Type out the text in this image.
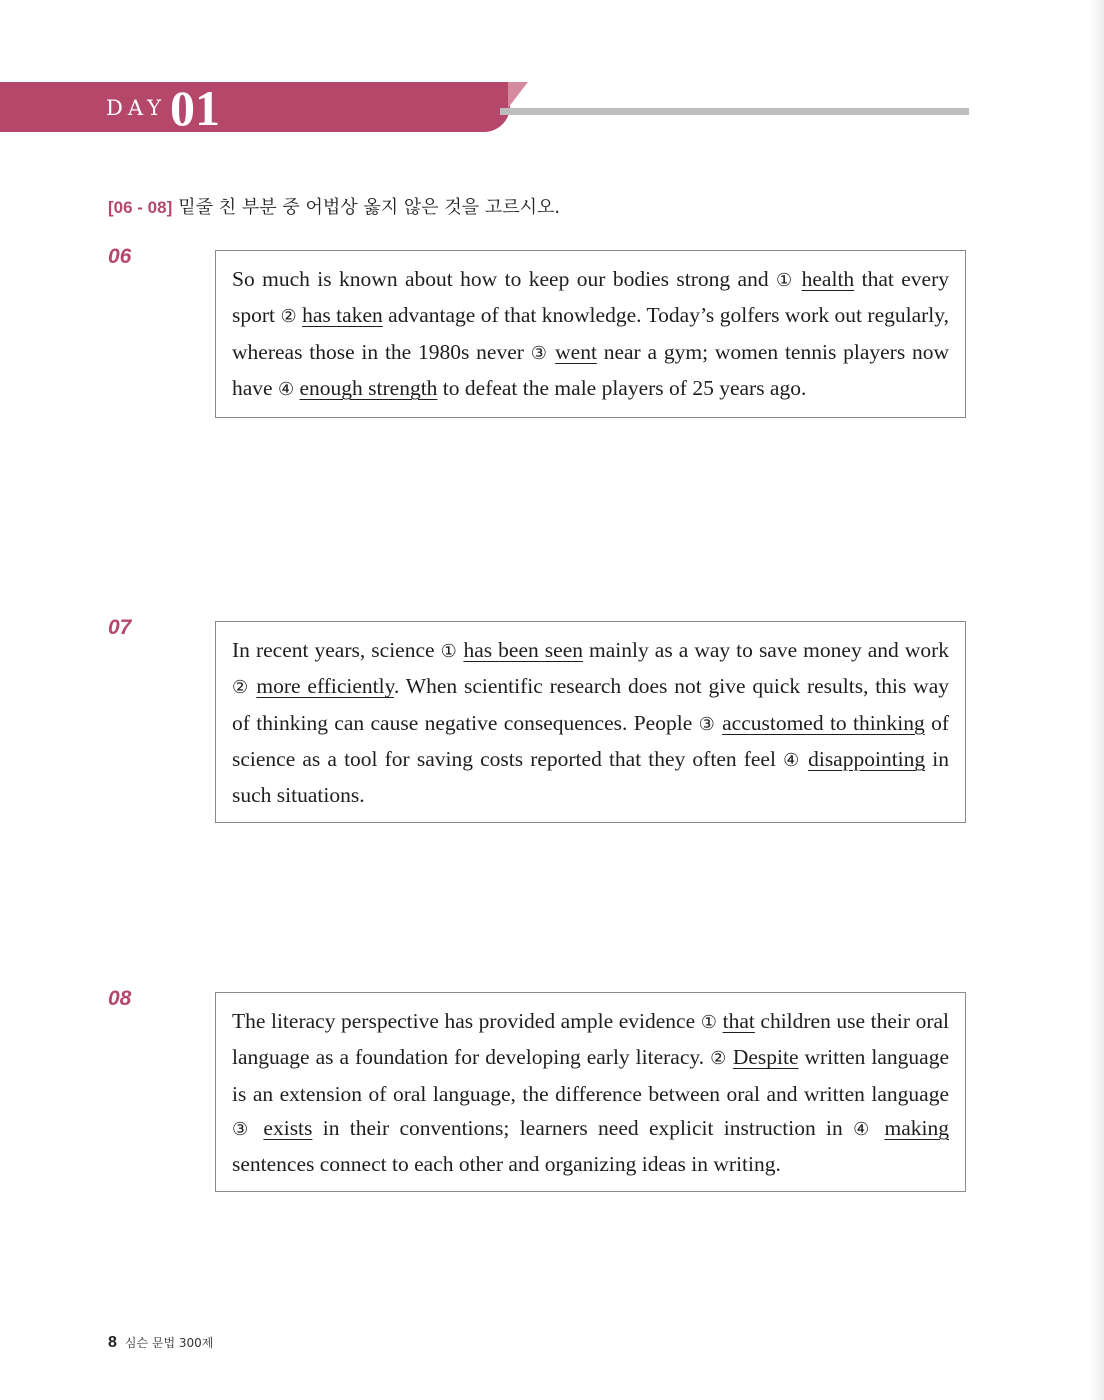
DAY 01
[06 - 08] 밑줄 친 부분 중 어법상 옳지 않은 것을 고르시오.
06

So much is known about how to keep our bodies strong and ① health that every sport ② has taken advantage of that knowledge. Today’s golfers work out regularly, whereas those in the 1980s never ③ went near a gym; women tennis players now have ④ enough strength to defeat the male players of 25 years ago.

07

In recent years, science ① has been seen mainly as a way to save money and work ② more efficiently. When scientific research does not give quick results, this way of thinking can cause negative consequences. People ③ accustomed to thinking of science as a tool for saving costs reported that they often feel ④ disappointing in such situations.

08

The literacy perspective has provided ample evidence ① that children use their oral language as a foundation for developing early literacy. ② Despite written language is an extension of oral language, the difference between oral and written language ③ exists in their conventions; learners need explicit instruction in ④ making sentences connect to each other and organizing ideas in writing.

8 심슨 문법 300제
